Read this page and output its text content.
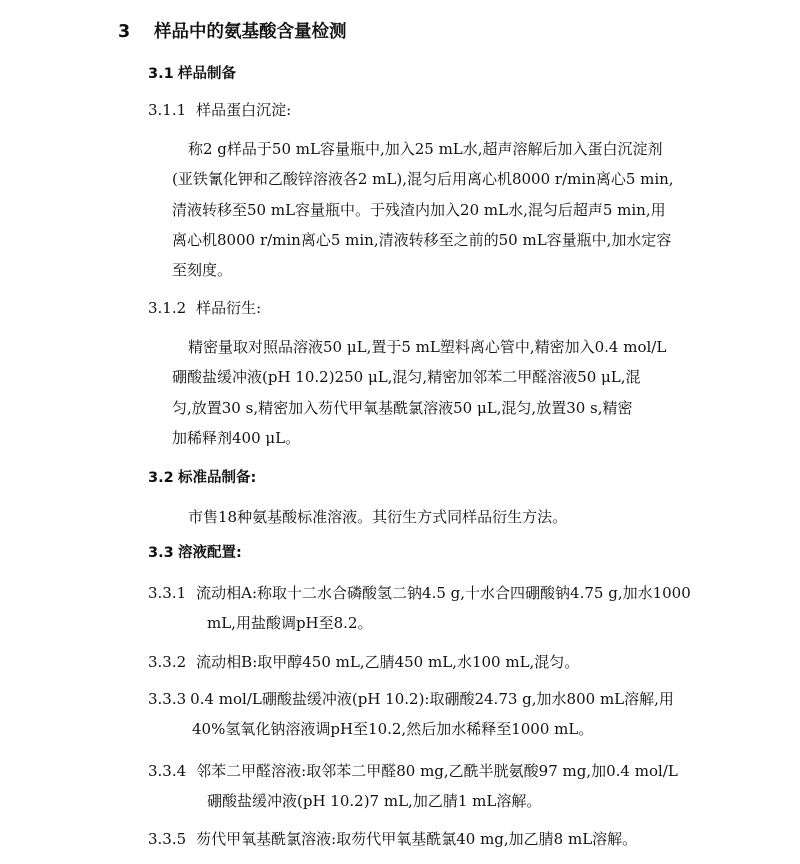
3 样品中的氨基酸含量检测
3.1 样品制备
3.1.1 样品蛋白沉淀:
称2 g样品于50 mL容量瓶中,加入25 mL水,超声溶解后加入蛋白沉淀剂
(亚铁氰化钾和乙酸锌溶液各2 mL),混匀后用离心机8000 r/min离心5 min,
清液转移至50 mL容量瓶中。于残渣内加入20 mL水,混匀后超声5 min,用
离心机8000 r/min离心5 min,清液转移至之前的50 mL容量瓶中,加水定容
至刻度。
3.1.2 样品衍生:
精密量取对照品溶液50 μL,置于5 mL塑料离心管中,精密加入0.4 mol/L
硼酸盐缓冲液(pH 10.2)250 μL,混匀,精密加邻苯二甲醛溶液50 μL,混
匀,放置30 s,精密加入芴代甲氧基酰氯溶液50 μL,混匀,放置30 s,精密
加稀释剂400 μL。
3.2 标准品制备:
市售18种氨基酸标准溶液。其衍生方式同样品衍生方法。
3.3 溶液配置:
3.3.1 流动相A:称取十二水合磷酸氢二钠4.5 g,十水合四硼酸钠4.75 g,加水1000
mL,用盐酸调pH至8.2。
3.3.2 流动相B:取甲醇450 mL,乙腈450 mL,水100 mL,混匀。
3.3.3 0.4 mol/L硼酸盐缓冲液(pH 10.2):取硼酸24.73 g,加水800 mL溶解,用
40%氢氧化钠溶液调pH至10.2,然后加水稀释至1000 mL。
3.3.4 邻苯二甲醛溶液:取邻苯二甲醛80 mg,乙酰半胱氨酸97 mg,加0.4 mol/L
硼酸盐缓冲液(pH 10.2)7 mL,加乙腈1 mL溶解。
3.3.5 芴代甲氧基酰氯溶液:取芴代甲氧基酰氯40 mg,加乙腈8 mL溶解。
